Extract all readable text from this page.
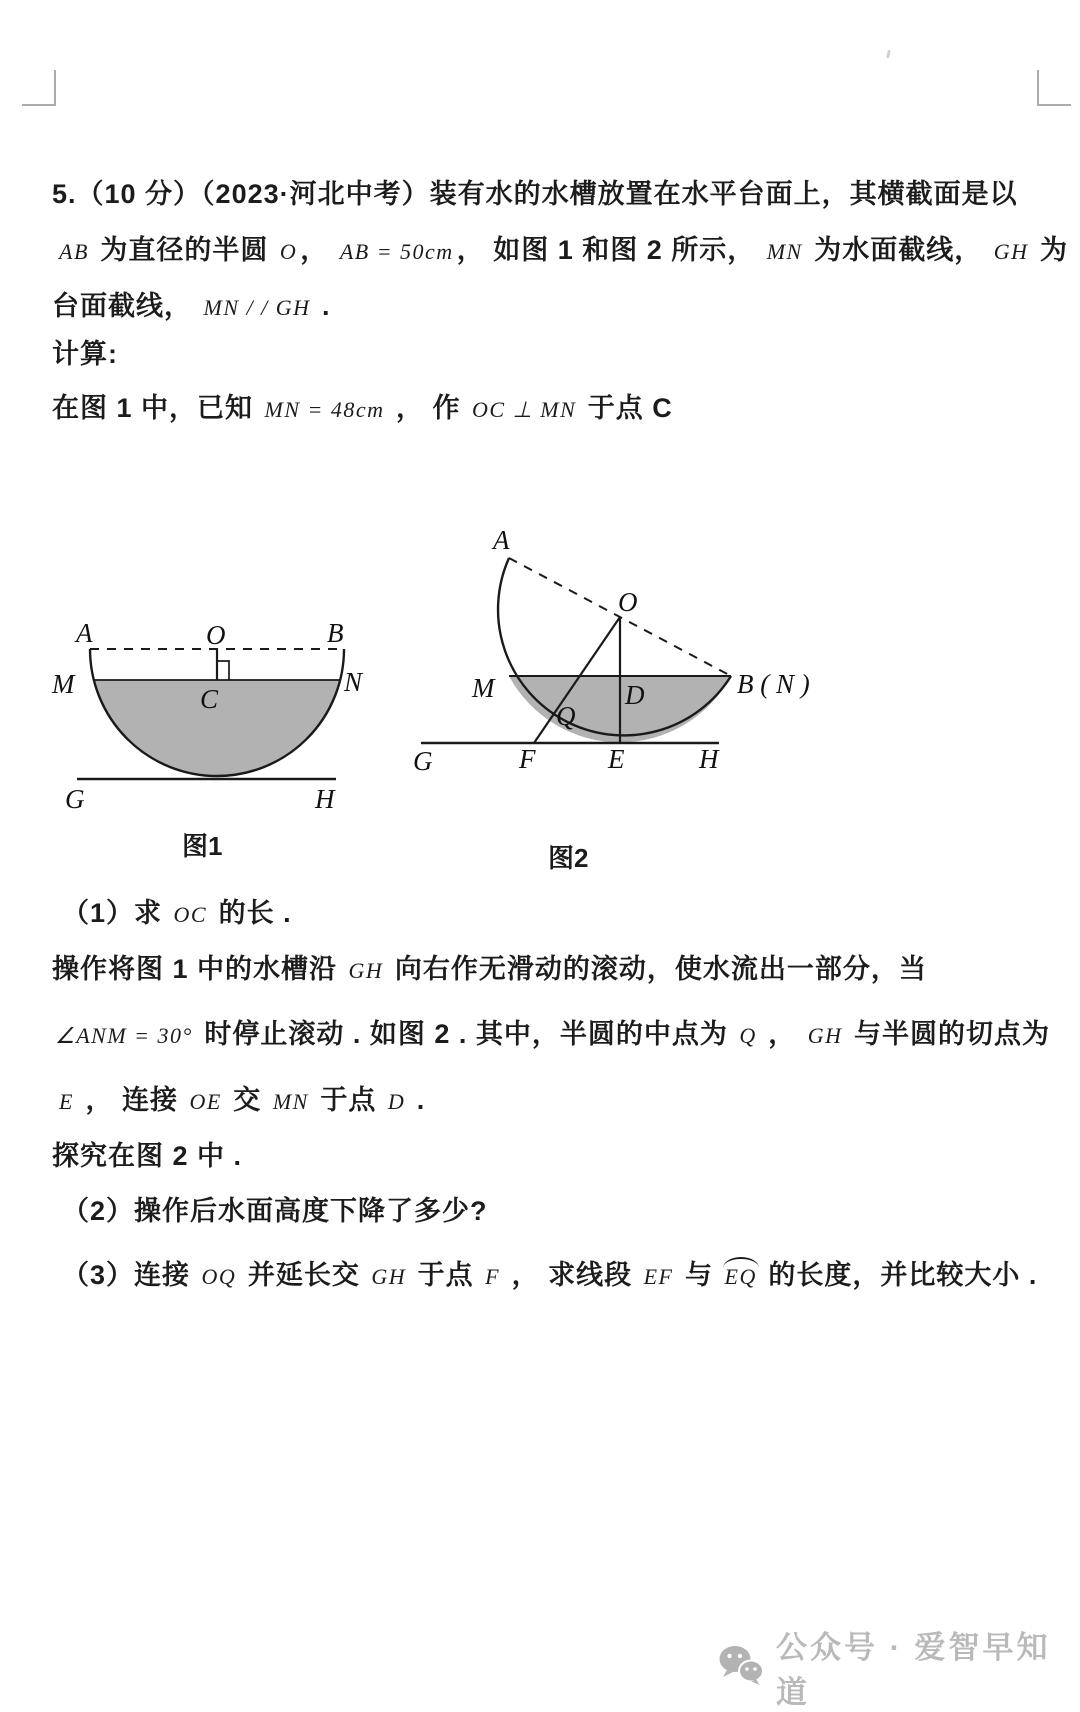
5.（10 分）（2023·河北中考）装有水的水槽放置在水平台面上，其横截面是以
AB 为直径的半圆 O ， AB = 50cm ， 如图 1 和图 2 所示， MN 为水面截线， GH 为
台面截线， MN / / GH .
计算:
在图 1 中，已知 MN = 48cm ， 作 OC ⊥ MN 于点 C
A	O	B
M	N
C
G	H
A
O
M	D	B ( N )
Q
G	F	E	H
图1	图2
（1）求 OC 的长 .
操作将图 1 中的水槽沿 GH 向右作无滑动的滚动，使水流出一部分，当
∠ANM = 30° 时停止滚动 . 如图 2 . 其中，半圆的中点为 Q ， GH 与半圆的切点为
E ， 连接 OE 交 MN 于点 D .
探究在图 2 中 .
（2）操作后水面高度下降了多少?
（3）连接 OQ 并延长交 GH 于点 F ， 求线段 EF 与 EQ 的长度，并比较大小 .
公众号 · 爱智早知道
